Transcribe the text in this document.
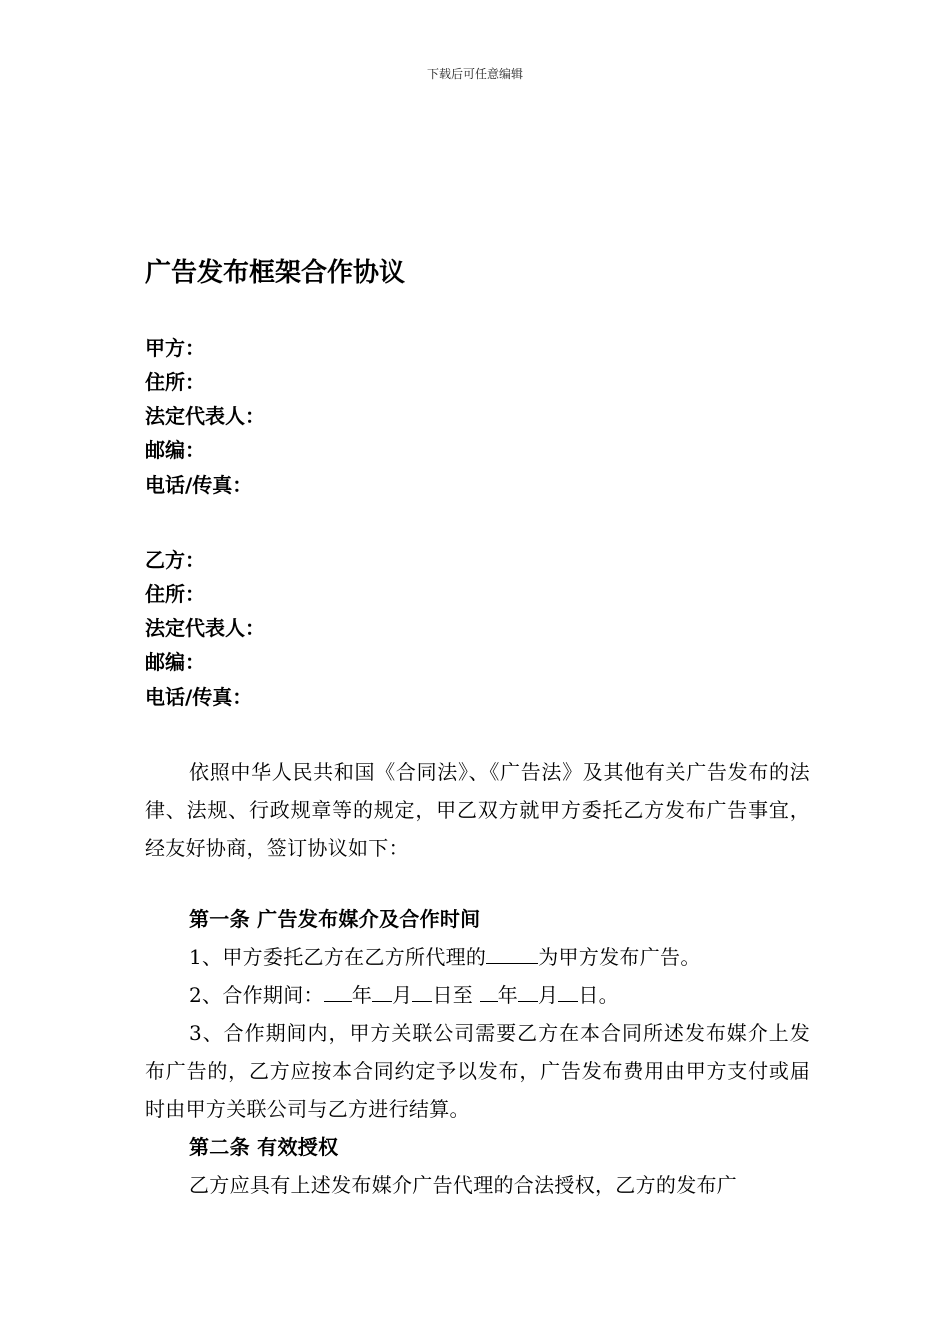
下载后可任意编辑
广告发布框架合作协议
甲方：
住所：
法定代表人：
邮编：
电话/传真：
乙方：
住所：
法定代表人：
邮编：
电话/传真：

依照中华人民共和国《合同法》、《广告法》及其他有关广告发布的法律、法规、行政规章等的规定，甲乙双方就甲方委托乙方发布广告事宜，经友好协商，签订协议如下：

第一条 广告发布媒介及合作时间

1、甲方委托乙方在乙方所代理的	为甲方发布广告。

2、合作期间： 年 月 日至 年 月 日。

3、合作期间内，甲方关联公司需要乙方在本合同所述发布媒介上发布广告的，乙方应按本合同约定予以发布，广告发布费用由甲方支付或届时由甲方关联公司与乙方进行结算。

第二条 有效授权

乙方应具有上述发布媒介广告代理的合法授权，乙方的发布广
